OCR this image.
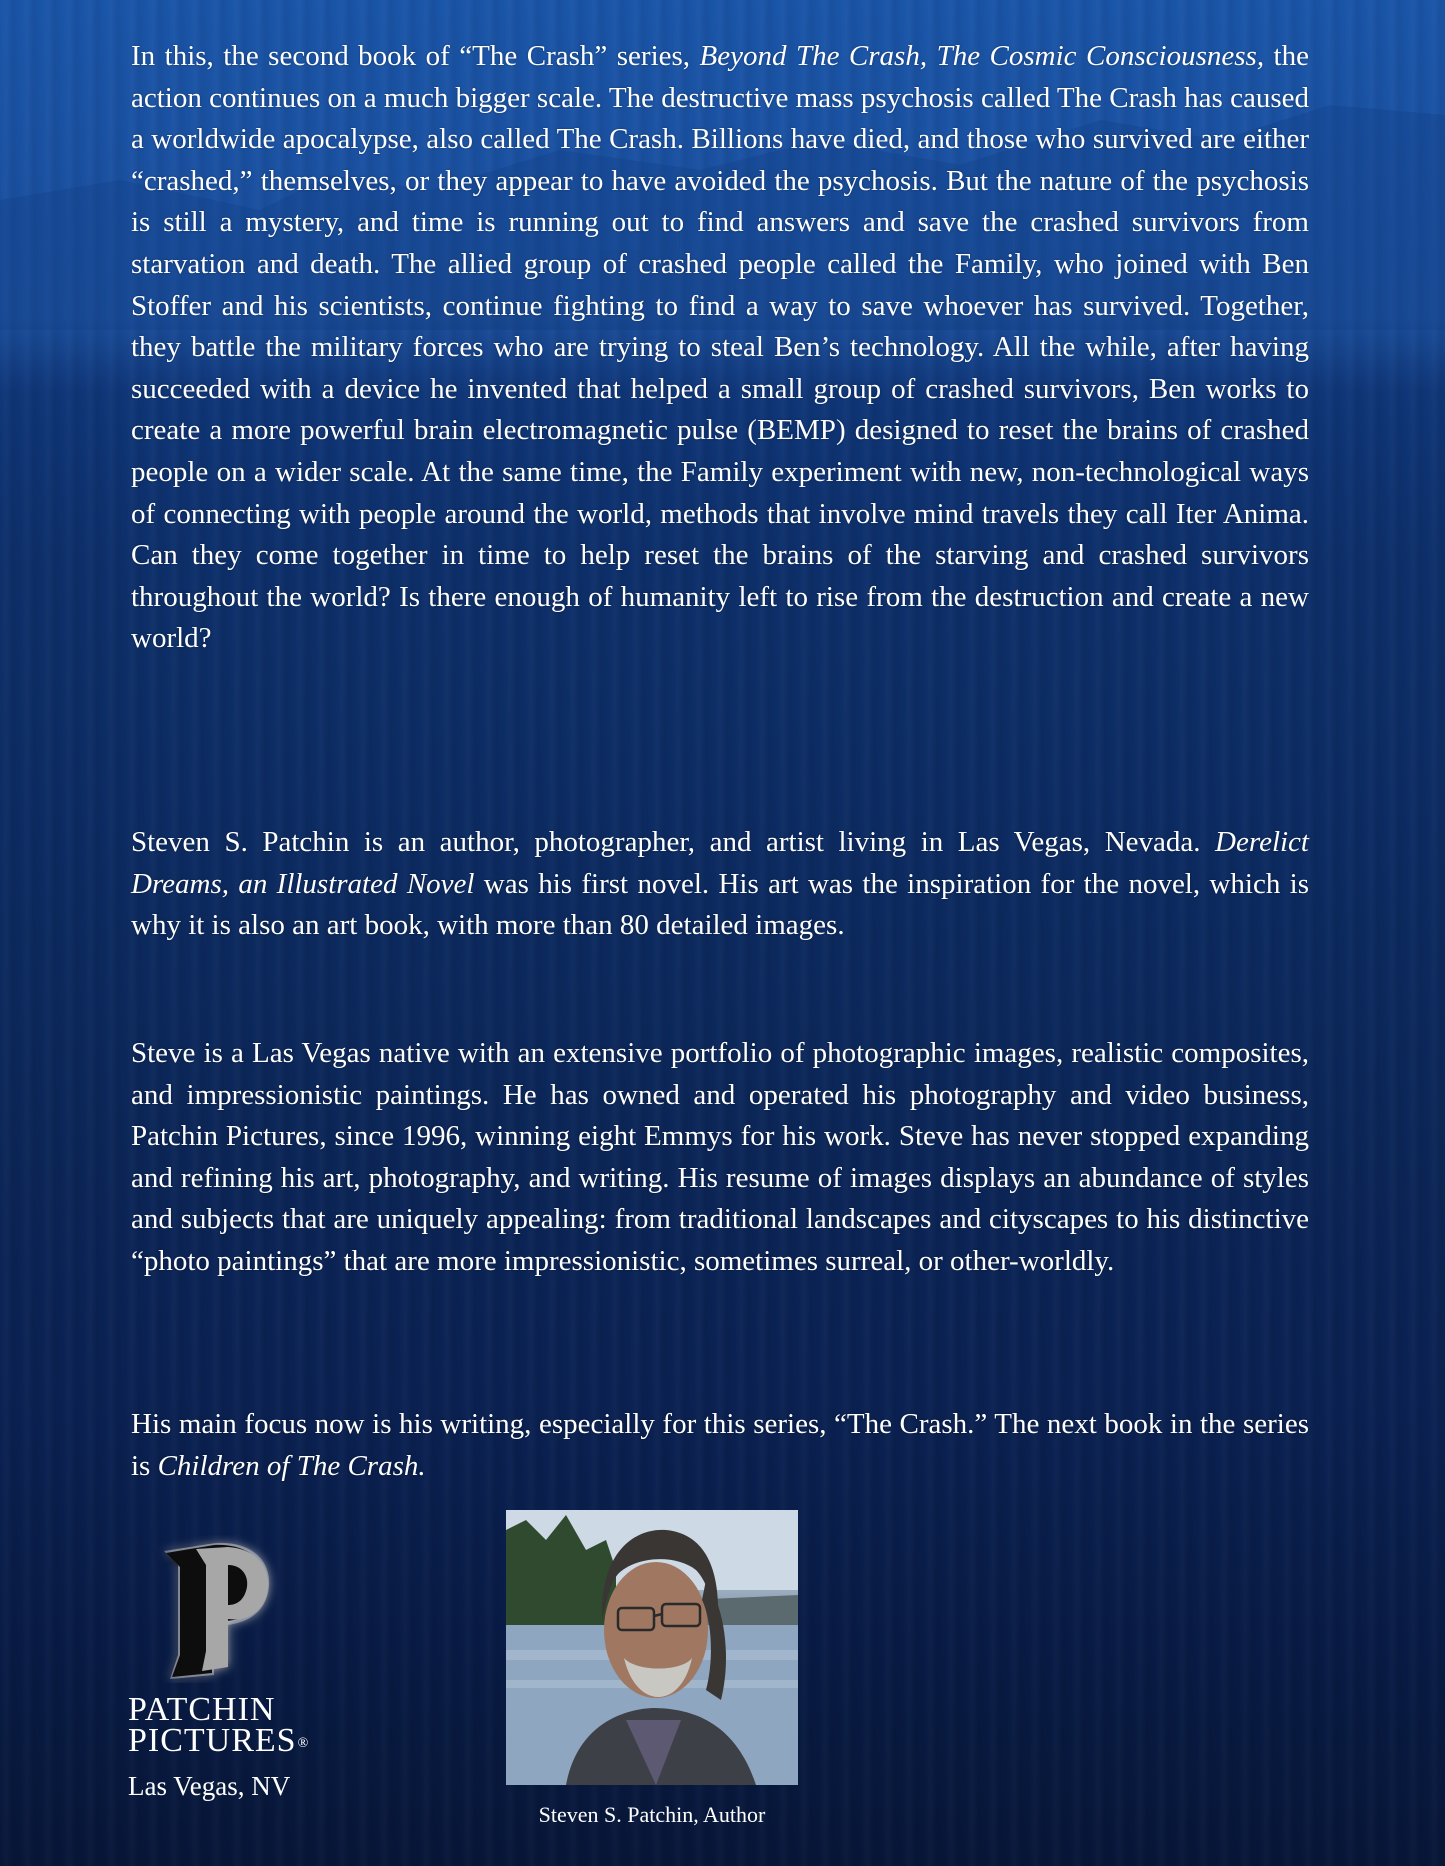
In this, the second book of “The Crash” series, Beyond The Crash, The Cosmic Consciousness, the action continues on a much bigger scale. The destructive mass psychosis called The Crash has caused a worldwide apocalypse, also called The Crash. Billions have died, and those who survived are either “crashed,” themselves, or they appear to have avoided the psychosis. But the nature of the psychosis is still a mystery, and time is running out to find answers and save the crashed survivors from starvation and death. The allied group of crashed people called the Family, who joined with Ben Stoffer and his scientists, continue fighting to find a way to save whoever has survived. Together, they battle the military forces who are trying to steal Ben’s technology. All the while, after having succeeded with a device he invented that helped a small group of crashed survivors, Ben works to create a more powerful brain electromagnetic pulse (BEMP) designed to reset the brains of crashed people on a wider scale. At the same time, the Family experiment with new, non-technological ways of connecting with people around the world, methods that involve mind travels they call Iter Anima. Can they come together in time to help reset the brains of the starving and crashed survivors throughout the world? Is there enough of humanity left to rise from the destruction and create a new world?

Steven S. Patchin is an author, photographer, and artist living in Las Vegas, Nevada. Derelict Dreams, an Illustrated Novel was his first novel. His art was the inspiration for the novel, which is why it is also an art book, with more than 80 detailed images.

Steve is a Las Vegas native with an extensive portfolio of photographic images, realistic composites, and impressionistic paintings. He has owned and operated his photography and video business, Patchin Pictures, since 1996, winning eight Emmys for his work. Steve has never stopped expanding and refining his art, photography, and writing. His resume of images displays an abundance of styles and subjects that are uniquely appealing: from traditional landscapes and cityscapes to his distinctive “photo paintings” that are more impressionistic, sometimes surreal, or other-worldly.

His main focus now is his writing, especially for this series, “The Crash.” The next book in the series is Children of The Crash.

PATCHIN
PICTURES®
Las Vegas, NV
Steven S. Patchin, Author
